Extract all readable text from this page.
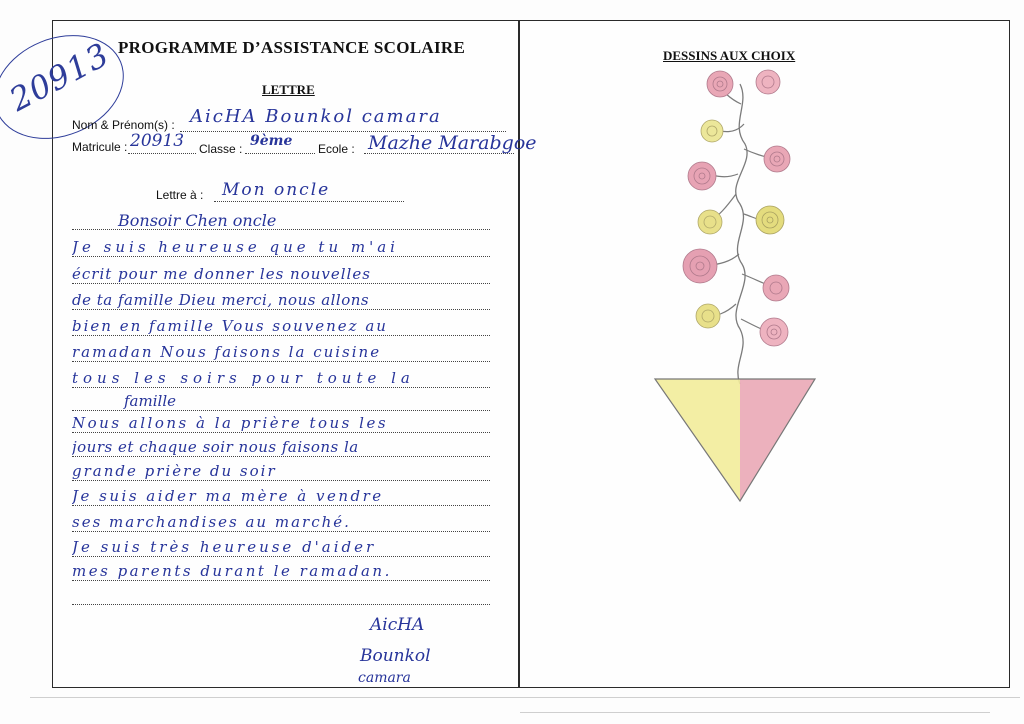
20913 PROGRAMME D’ASSISTANCE SCOLAIRE
LETTRE
DESSINS AUX CHOIX
Nom & Prénom(s) : AicHA Bounkol camara
Matricule : 20913 Classe : 9ème Ecole : Mazhe Marabgoe
Lettre à : Mon oncle
Bonsoir Chen oncle
Je suis heureuse que tu m'ai
écrit pour me donner les nouvelles
de ta famille Dieu merci, nous allons
bien en famille Vous souvenez au
ramadan Nous faisons la cuisine
tous les soirs pour toute la
famille
Nous allons à la prière tous les
jours et chaque soir nous faisons la
grande prière du soir
Je suis aider ma mère à vendre
ses marchandises au marché.
Je suis très heureuse d'aider
mes parents durant le ramadan.
AicHA
Bounkol
camara
